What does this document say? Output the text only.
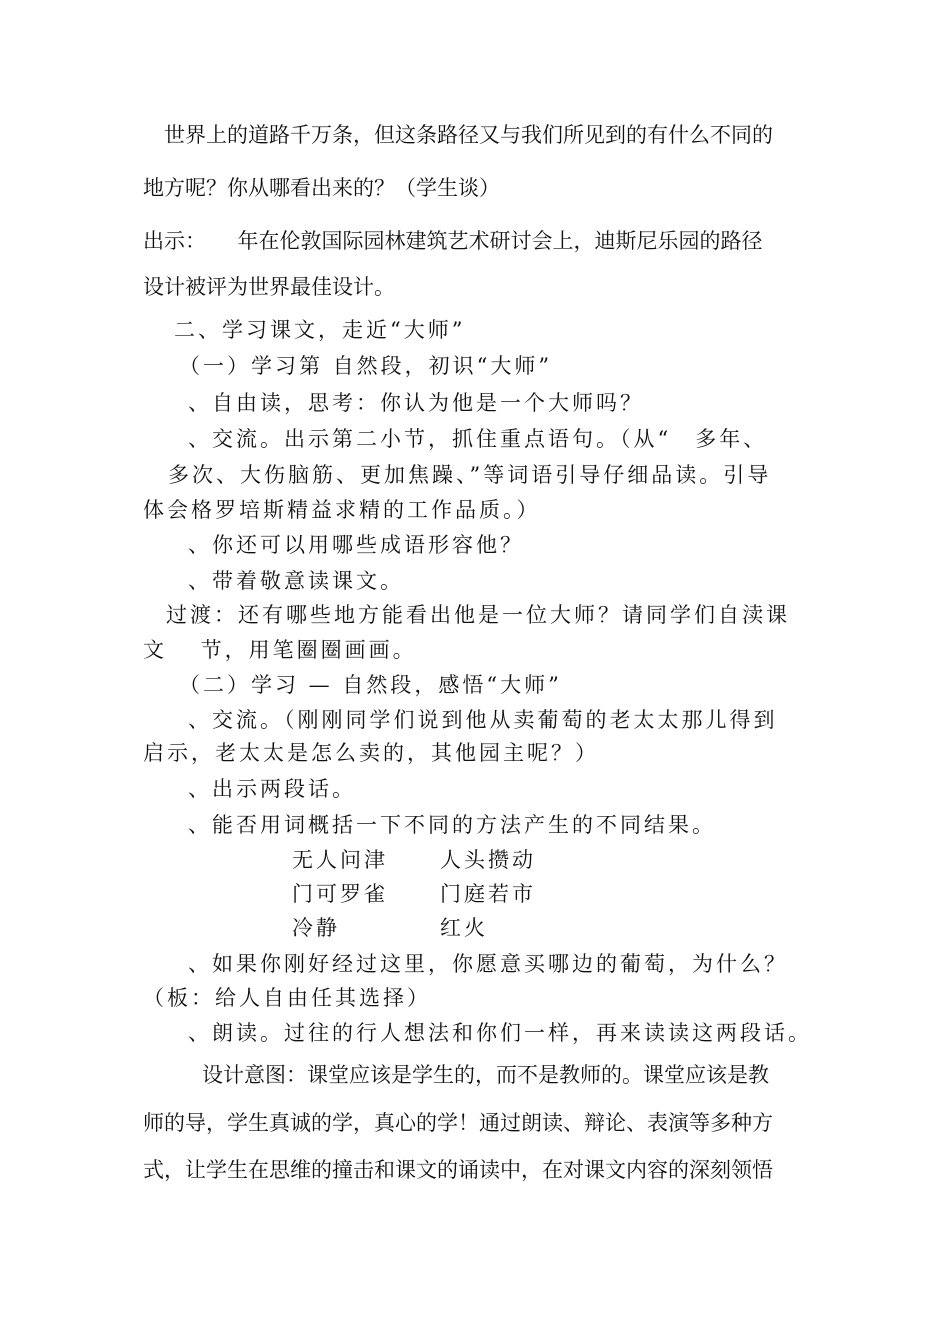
世界上的道路千万条，但这条路径又与我们所见到的有什么不同的
地方呢？你从哪看出来的？（学生谈）
出示：　　年在伦敦国际园林建筑艺术研讨会上，迪斯尼乐园的路径
设计被评为世界最佳设计。
二、学习课文，走近“大师”
（一）学习第 自然段，初识“大师”
、自由读，思考：你认为他是一个大师吗？
、交流。出示第二小节，抓住重点语句。（从“　多年、
多次、大伤脑筋、更加焦躁、”等词语引导仔细品读。引导
体会格罗培斯精益求精的工作品质。）
、你还可以用哪些成语形容他？
、带着敬意读课文。
过渡：还有哪些地方能看出他是一位大师？请同学们自渎课
文　 节，用笔圈圈画画。
（二）学习 — 自然段，感悟“大师”
、交流。（刚刚同学们说到他从卖葡萄的老太太那儿得到
启示，老太太是怎么卖的，其他园主呢？）
、出示两段话。
、能否用词概括一下不同的方法产生的不同结果。
无人问津 人头攒动
门可罗雀 门庭若市
冷静	红火
、如果你刚好经过这里，你愿意买哪边的葡萄，为什么？
（板：给人自由任其选择）
、朗读。过往的行人想法和你们一样，再来读读这两段话。
设计意图：课堂应该是学生的，而不是教师的。课堂应该是教
师的导，学生真诚的学，真心的学！通过朗读、辩论、表演等多种方
式，让学生在思维的撞击和课文的诵读中，在对课文内容的深刻领悟
